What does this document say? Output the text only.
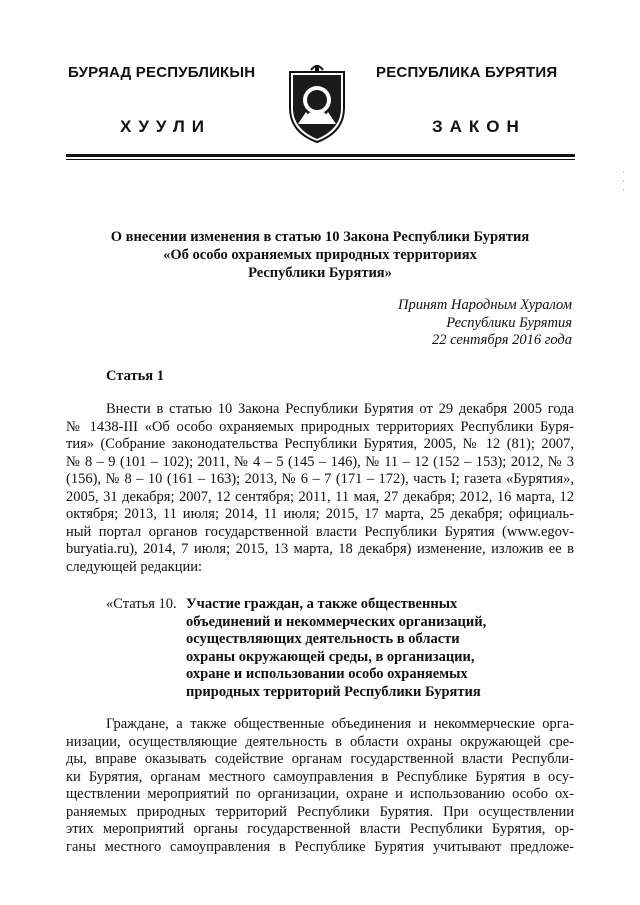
БУРЯАД РЕСПУБЛИКЫН
ХУУЛИ
РЕСПУБЛИКА БУРЯТИЯ
ЗАКОН
·
·
·
О внесении изменения в статью 10 Закона Республики Бурятия
«Об особо охраняемых природных территориях
Республики Бурятия»
Принят Народным Хуралом
Республики Бурятия
22 сентября 2016 года
Статья 1
Внести в статью 10 Закона Республики Бурятия от 29 декабря 2005 года
№ 1438-III «Об особо охраняемых природных территориях Республики Буря-
тия» (Собрание законодательства Республики Бурятия, 2005, № 12 (81); 2007,
№ 8 – 9 (101 – 102); 2011, № 4 – 5 (145 – 146), № 11 – 12 (152 – 153); 2012, № 3
(156), № 8 – 10 (161 – 163); 2013, № 6 – 7 (171 – 172), часть I; газета «Бурятия»,
2005, 31 декабря; 2007, 12 сентября; 2011, 11 мая, 27 декабря; 2012, 16 марта, 12
октября; 2013, 11 июля; 2014, 11 июля; 2015, 17 марта, 25 декабря; официаль-
ный портал органов государственной власти Республики Бурятия (www.egov-
buryatia.ru), 2014, 7 июля; 2015, 13 марта, 18 декабря) изменение, изложив ее в
следующей редакции:
«Статья 10. Участие граждан, а также общественных
объединений и некоммерческих организаций,
осуществляющих деятельность в области
охраны окружающей среды, в организации,
охране и использовании особо охраняемых
природных территорий Республики Бурятия
Граждане, а также общественные объединения и некоммерческие орга-
низации, осуществляющие деятельность в области охраны окружающей сре-
ды, вправе оказывать содействие органам государственной власти Республи-
ки Бурятия, органам местного самоуправления в Республике Бурятия в осу-
ществлении мероприятий по организации, охране и использованию особо ох-
раняемых природных территорий Республики Бурятия. При осуществлении
этих мероприятий органы государственной власти Республики Бурятия, ор-
ганы местного самоуправления в Республике Бурятия учитывают предложе-
